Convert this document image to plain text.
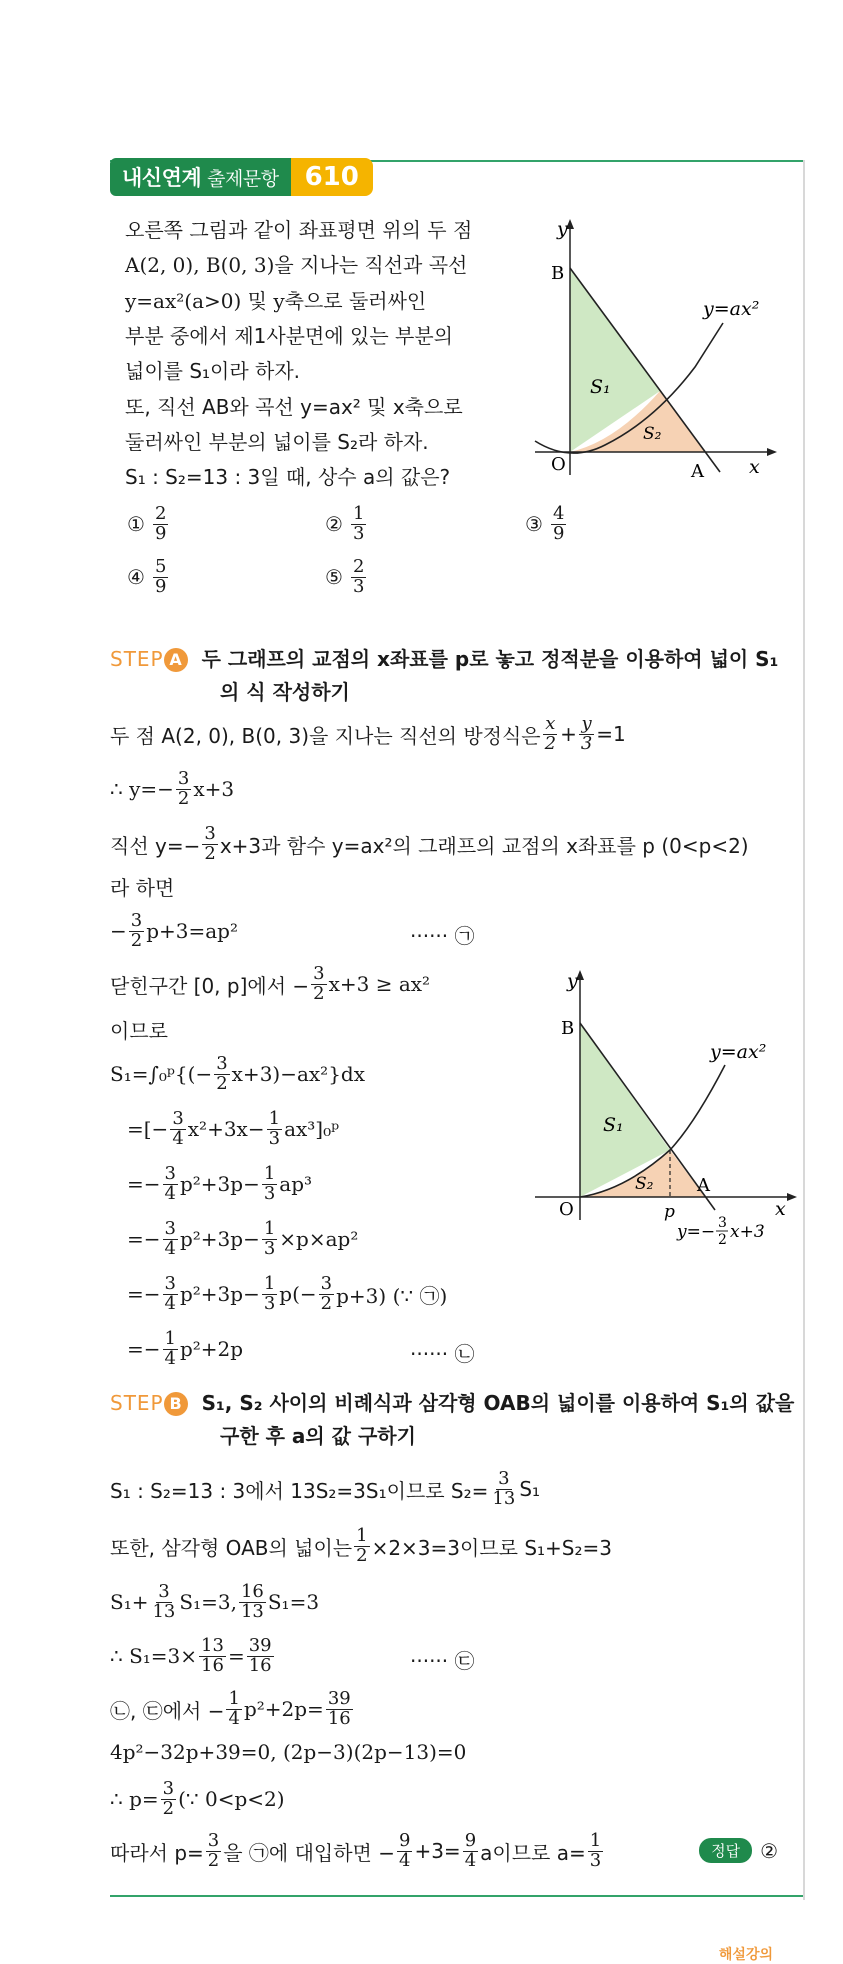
내신연계 출제문항	610
오른쪽 그림과 같이 좌표평면 위의 두 점
A(2, 0), B(0, 3)을 지나는 직선과 곡선
y=ax²(a>0) 및 y축으로 둘러싸인
부분 중에서 제1사분면에 있는 부분의
넓이를 S₁이라 하자.
또, 직선 AB와 곡선 y=ax² 및 x축으로
둘러싸인 부분의 넓이를 S₂라 하자.
S₁ : S₂=13 : 3일 때, 상수 a의 값은?
① $\frac{2}{9}$	② $\frac{1}{3}$	③ $\frac{4}{9}$
④ $\frac{5}{9}$	⑤ $\frac{2}{3}$
y
x
B
O	A
S₁
S₂
y=ax²
STEP A 두 그래프의 교점의 x좌표를 p로 놓고 정적분을 이용하여 넓이 S₁
의 식 작성하기
두 점 A(2, 0), B(0, 3)을 지나는 직선의 방정식은 $\frac{x}{2} + \frac{y}{3} =1$
∴ $y=- \frac{3}{2} x+3$
직선 $y=- \frac{3}{2} x+3$과 함수 y=ax²의 그래프의 교점의 x좌표를 p (0<p<2)
라 하면
− $\frac{3}{2} p+3=ap^2$	······ ㉠
닫힌구간 [0, p]에서 − $\frac{3}{2} x+3 \ge ax^2$
이므로
S₁=∫₀ᵖ{(− $\frac{3}{2} x+3)-ax^2\}dx$
=[− $\frac{3}{4} x^2+3x- \frac{1}{3}$ ax³]₀ᵖ
=− $\frac{3}{4} p^2+3p- \frac{1}{3} ap^3$
=− $\frac{3}{4} p^2+3p- \frac{1}{3} \times p\times ap^2$
=− $\frac{3}{4} p^2+3p- \frac{1}{3} p(- \frac{3}{2} p+3)$ (∵ ㉠)
=− $\frac{1}{4} p^2+2p$	······ ㉡
y
x
B
O
A
S₁
S₂
p
y=ax²
y=− 3
2 x+3
STEP B S₁, S₂ 사이의 비례식과 삼각형 OAB의 넓이를 이용하여 S₁의 값을
구한 후 a의 값 구하기
S₁ : S₂=13 : 3에서 13S₂=3S₁이므로 $S_2= \frac{3}{13} S_1$
또한, 삼각형 OAB의 넓이는 $\frac{1}{2} \times 2\times 3=3$이므로 S₁+S₂=3
$S_1+ \frac{3}{13} S_1=3$, $\frac{16}{13} S_1=3$
∴ $S_1=3\times \frac{13}{16} = \frac{39}{16}$	······ ㉢
㉡, ㉢에서 − $\frac{1}{4} p^2+2p= \frac{39}{16}$
4p²−32p+39=0, (2p−3)(2p−13)=0
∴ $p= \frac{3}{2}$ (∵ 0<p<2)
따라서 $p= \frac{3}{2}$ 을 ㉠에 대입하면 − $\frac{9}{4} +3= \frac{9}{4}$ a이므로 $a= \frac{1}{3}$	정답	②
해설강의
